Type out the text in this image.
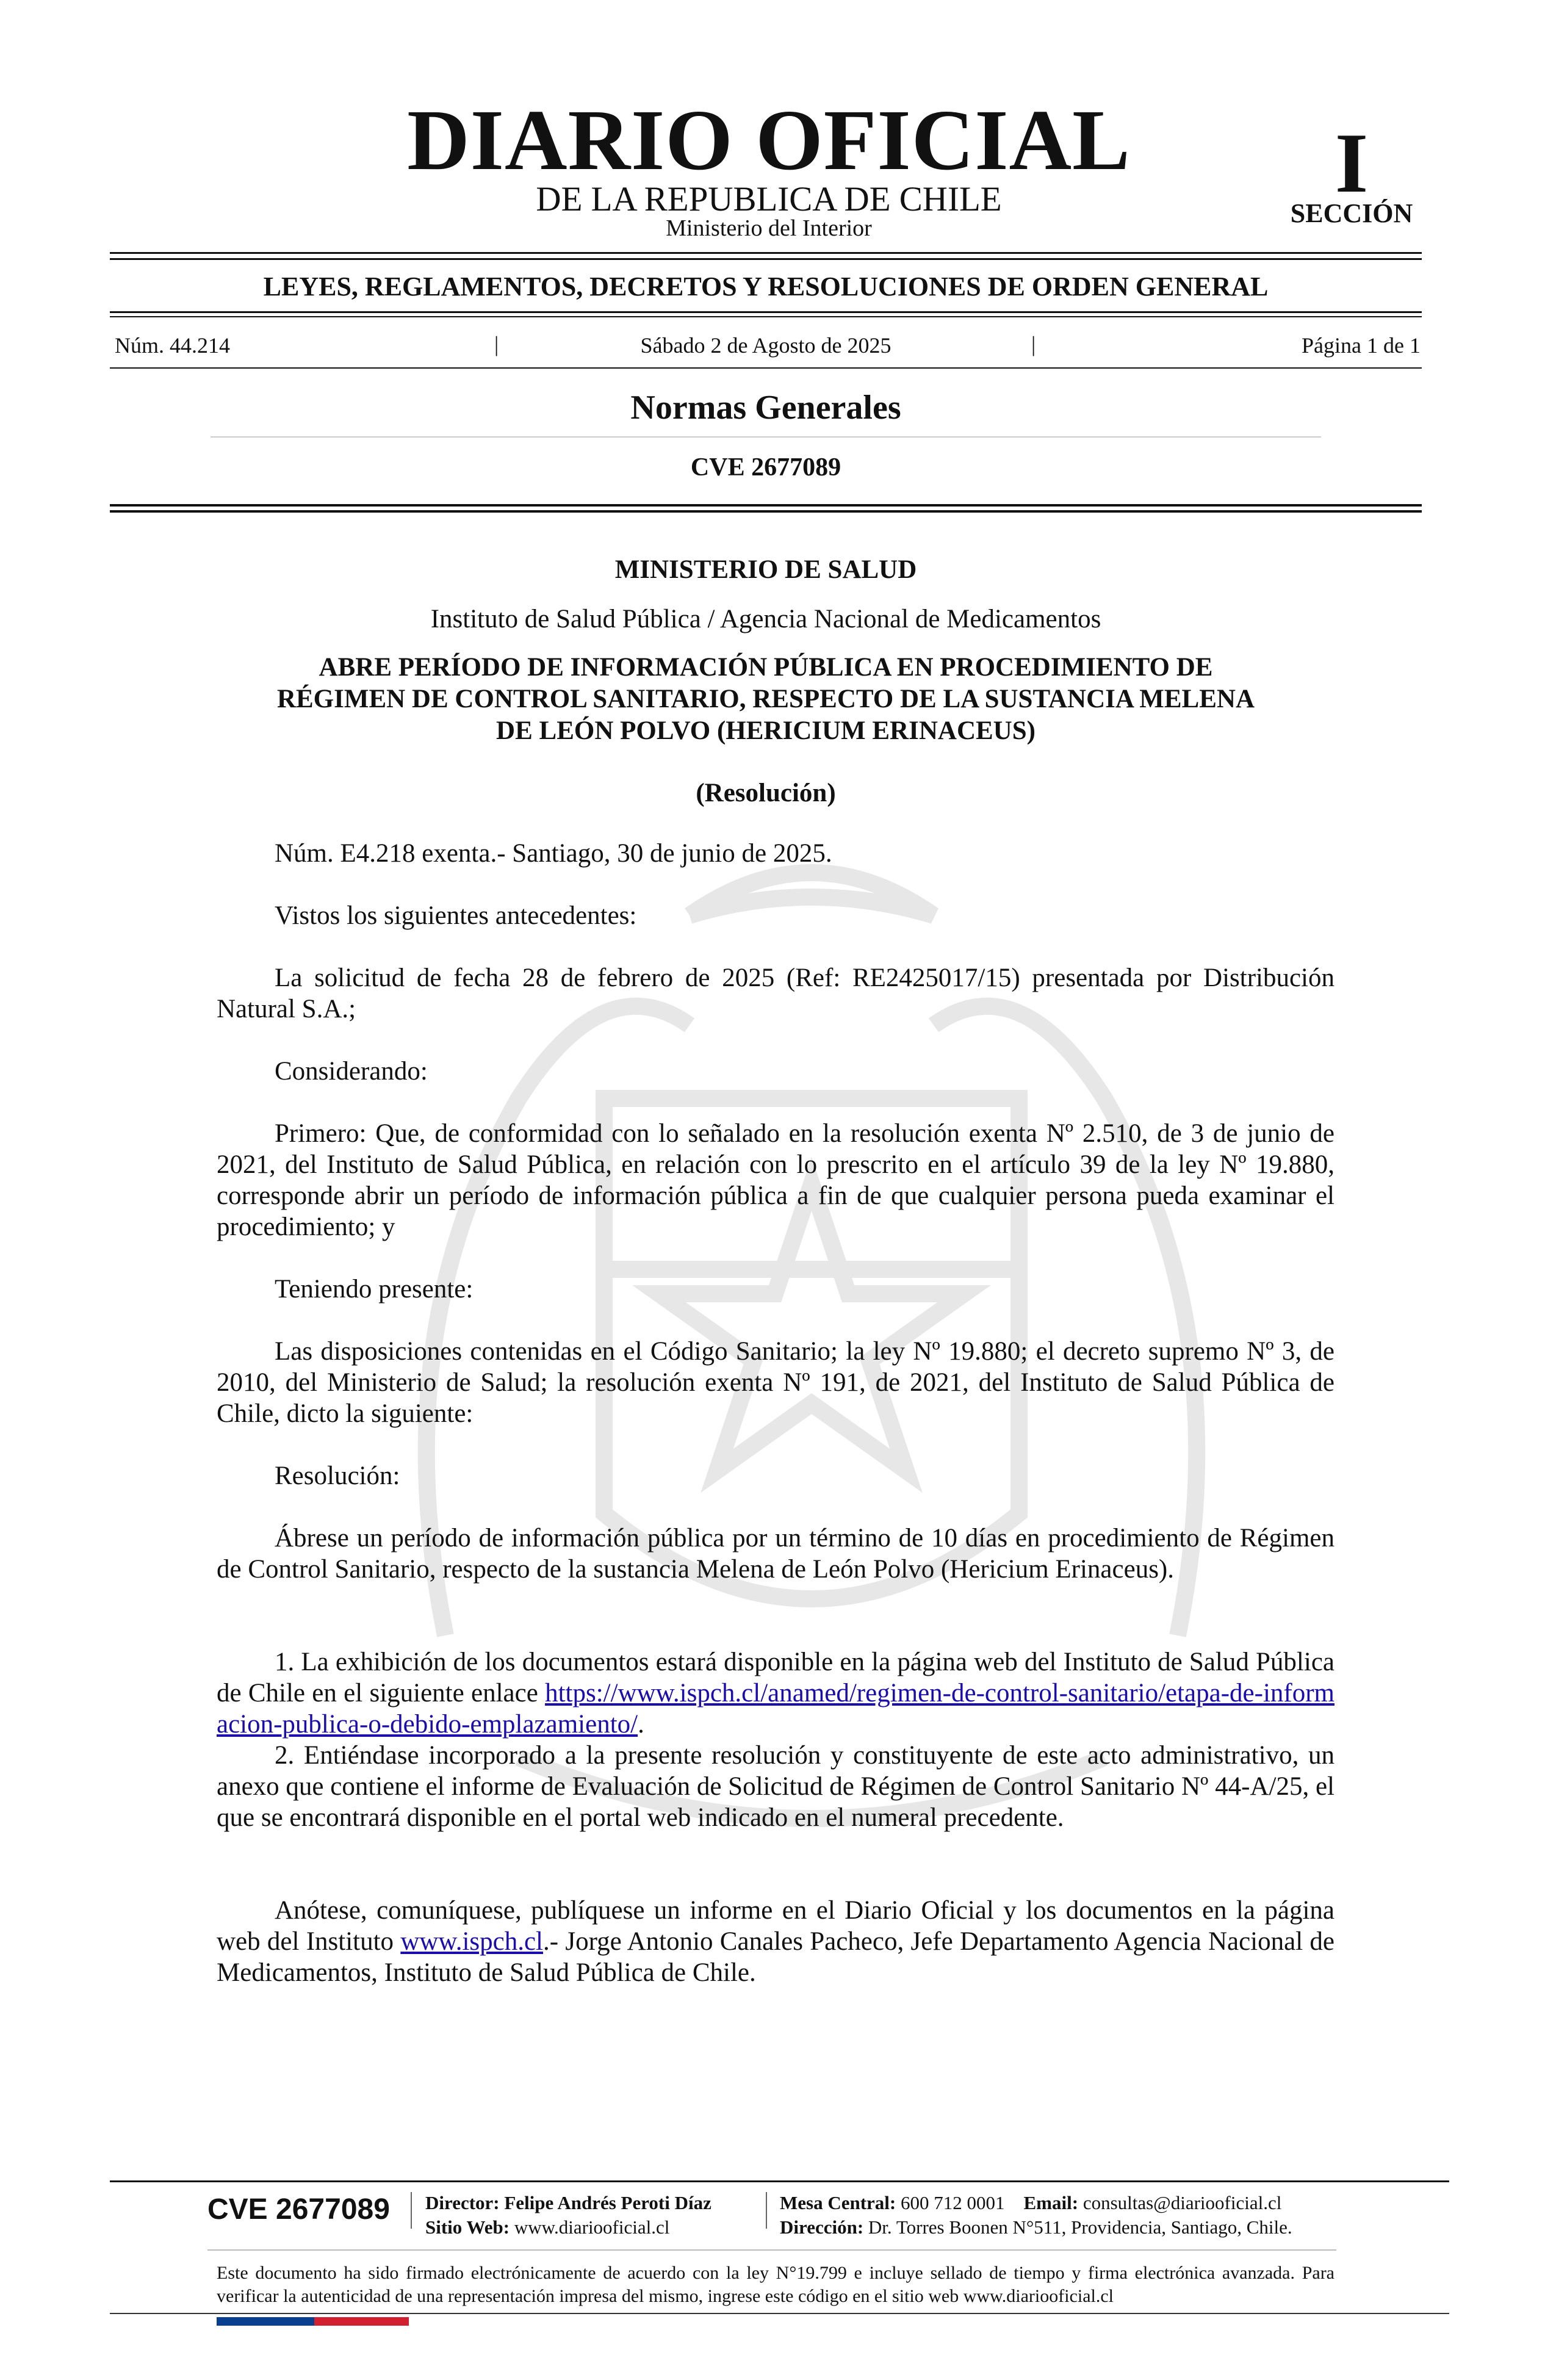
DIARIO OFICIAL
DE LA REPUBLICA DE CHILE
Ministerio del Interior
I
SECCIÓN
LEYES, REGLAMENTOS, DECRETOS Y RESOLUCIONES DE ORDEN GENERAL
Núm. 44.214	|	Sábado 2 de Agosto de 2025	|	Página 1 de 1
Normas Generales
CVE 2677089
MINISTERIO DE SALUD
Instituto de Salud Pública / Agencia Nacional de Medicamentos
ABRE PERÍODO DE INFORMACIÓN PÚBLICA EN PROCEDIMIENTO DE
RÉGIMEN DE CONTROL SANITARIO, RESPECTO DE LA SUSTANCIA MELENA
DE LEÓN POLVO (HERICIUM ERINACEUS)
(Resolución)
Núm. E4.218 exenta.- Santiago, 30 de junio de 2025.
Vistos los siguientes antecedentes:
La solicitud de fecha 28 de febrero de 2025 (Ref: RE2425017/15) presentada por Distribución Natural S.A.;
Considerando:
Primero: Que, de conformidad con lo señalado en la resolución exenta Nº 2.510, de 3 de junio de 2021, del Instituto de Salud Pública, en relación con lo prescrito en el artículo 39 de la ley Nº 19.880, corresponde abrir un período de información pública a fin de que cualquier persona pueda examinar el procedimiento; y
Teniendo presente:
Las disposiciones contenidas en el Código Sanitario; la ley Nº 19.880; el decreto supremo Nº 3, de 2010, del Ministerio de Salud; la resolución exenta Nº 191, de 2021, del Instituto de Salud Pública de Chile, dicto la siguiente:
Resolución:
Ábrese un período de información pública por un término de 10 días en procedimiento de Régimen de Control Sanitario, respecto de la sustancia Melena de León Polvo (Hericium Erinaceus).
1. La exhibición de los documentos estará disponible en la página web del Instituto de Salud Pública de Chile en el siguiente enlace https://www.ispch.cl/anamed/regimen-de-control-sanitario/etapa-de-informacion-publica-o-debido-emplazamiento/.
2. Entiéndase incorporado a la presente resolución y constituyente de este acto administrativo, un anexo que contiene el informe de Evaluación de Solicitud de Régimen de Control Sanitario Nº 44-A/25, el que se encontrará disponible en el portal web indicado en el numeral precedente.
Anótese, comuníquese, publíquese un informe en el Diario Oficial y los documentos en la página web del Instituto www.ispch.cl.- Jorge Antonio Canales Pacheco, Jefe Departamento Agencia Nacional de Medicamentos, Instituto de Salud Pública de Chile.
CVE 2677089 Director: Felipe Andrés Peroti Díaz
Sitio Web: www.diariooficial.cl
Mesa Central: 600 712 0001 Email: consultas@diariooficial.cl
Dirección: Dr. Torres Boonen N°511, Providencia, Santiago, Chile.
Este documento ha sido firmado electrónicamente de acuerdo con la ley N°19.799 e incluye sellado de tiempo y firma electrónica avanzada. Para verificar la autenticidad de una representación impresa del mismo, ingrese este código en el sitio web www.diariooficial.cl
